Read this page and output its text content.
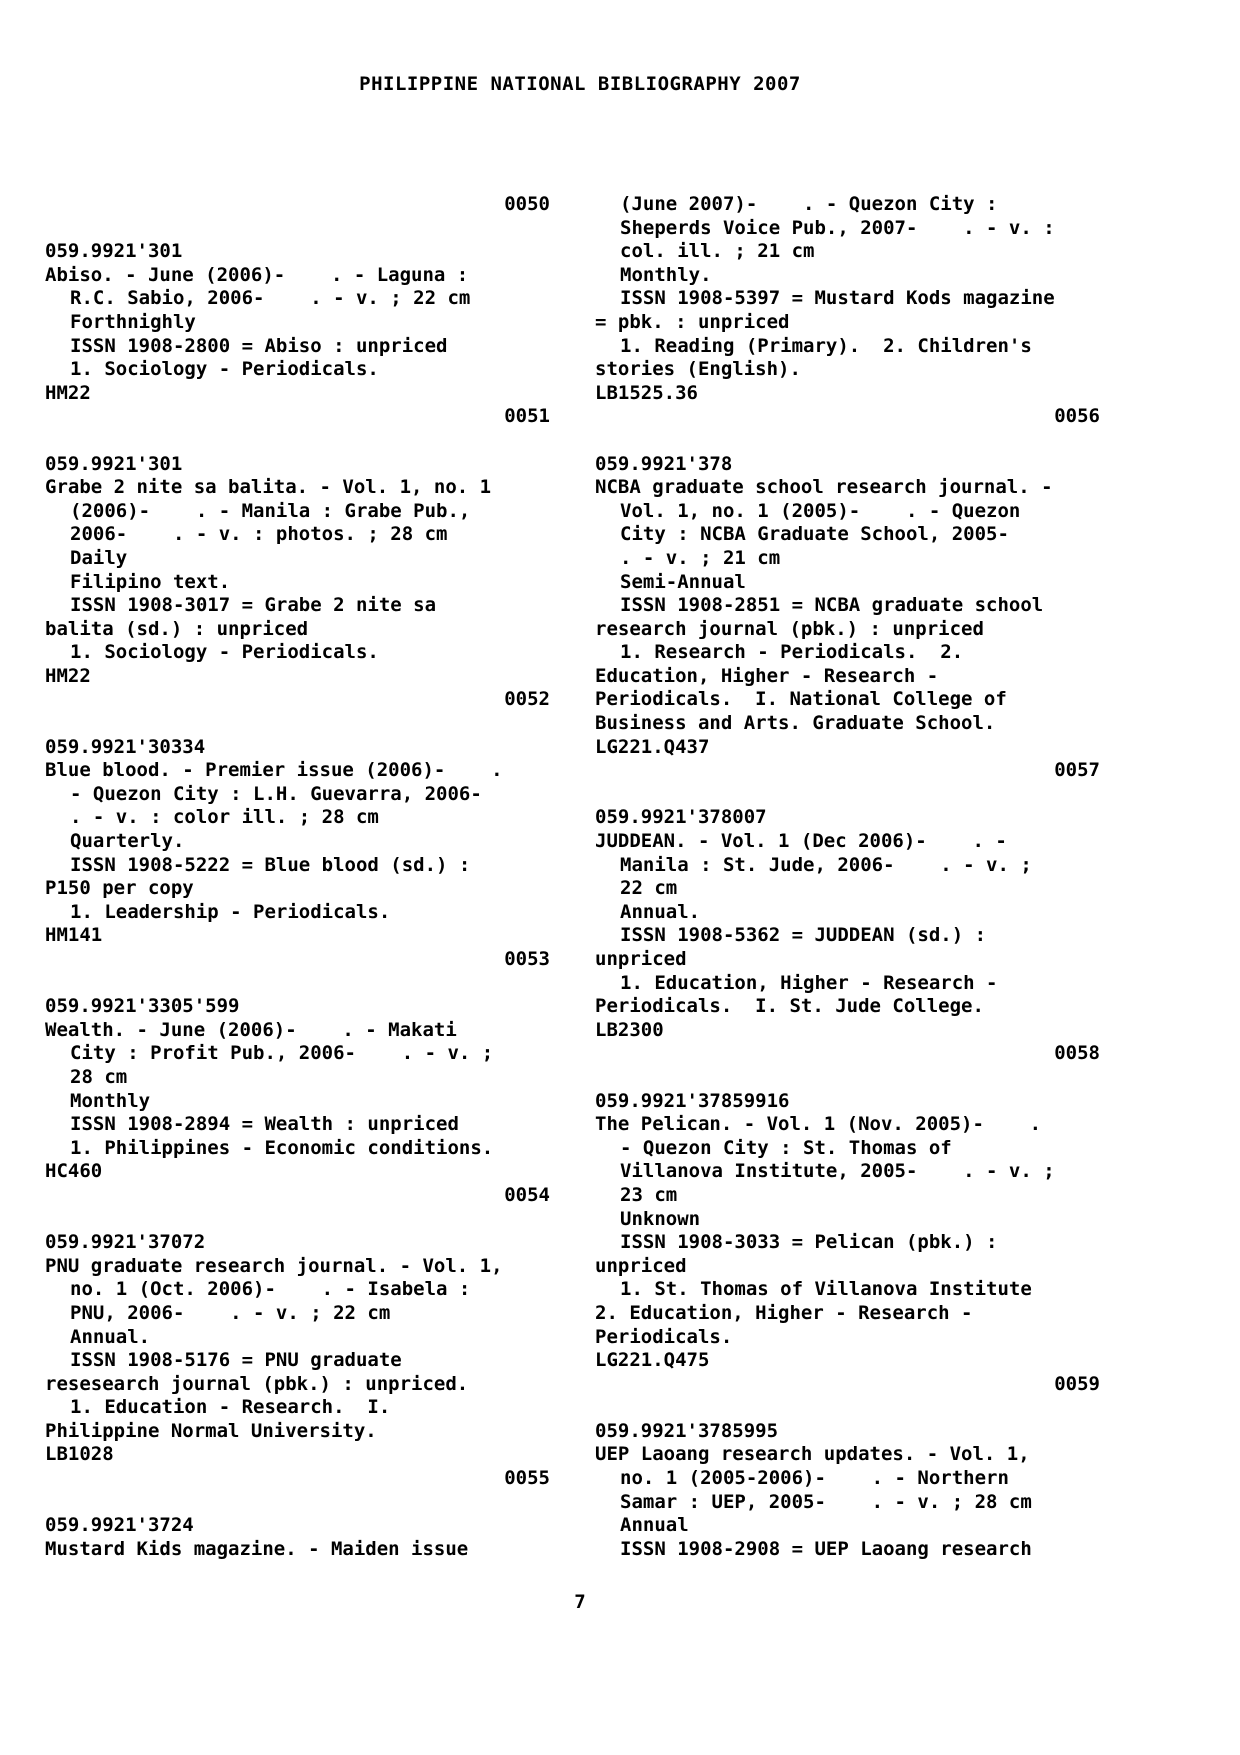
PHILIPPINE NATIONAL BIBLIOGRAPHY 2007
0050
059.9921'301
Abiso. - June (2006)-    . - Laguna :
R.C. Sabio, 2006-    . - v. ; 22 cm
Forthnighly
ISSN 1908-2800 = Abiso : unpriced
1. Sociology - Periodicals.
HM22
0051
059.9921'301
Grabe 2 nite sa balita. - Vol. 1, no. 1
(2006)-    . - Manila : Grabe Pub.,
2006-    . - v. : photos. ; 28 cm
Daily
Filipino text.
ISSN 1908-3017 = Grabe 2 nite sa
balita (sd.) : unpriced
1. Sociology - Periodicals.
HM22
0052
059.9921'30334
Blue blood. - Premier issue (2006)-    .
- Quezon City : L.H. Guevarra, 2006-
. - v. : color ill. ; 28 cm
Quarterly.
ISSN 1908-5222 = Blue blood (sd.) :
P150 per copy
1. Leadership - Periodicals.
HM141
0053
059.9921'3305'599
Wealth. - June (2006)-    . - Makati
City : Profit Pub., 2006-    . - v. ;
28 cm
Monthly
ISSN 1908-2894 = Wealth : unpriced
1. Philippines - Economic conditions.
HC460
0054
059.9921'37072
PNU graduate research journal. - Vol. 1,
no. 1 (Oct. 2006)-    . - Isabela :
PNU, 2006-    . - v. ; 22 cm
Annual.
ISSN 1908-5176 = PNU graduate
resesearch journal (pbk.) : unpriced.
1. Education - Research.  I.
Philippine Normal University.
LB1028
0055
059.9921'3724
Mustard Kids magazine. - Maiden issue
(June 2007)-    . - Quezon City :
Sheperds Voice Pub., 2007-    . - v. :
col. ill. ; 21 cm
Monthly.
ISSN 1908-5397 = Mustard Kods magazine
= pbk. : unpriced
1. Reading (Primary).  2. Children's
stories (English).
LB1525.36
0056
059.9921'378
NCBA graduate school research journal. -
Vol. 1, no. 1 (2005)-    . - Quezon
City : NCBA Graduate School, 2005-
. - v. ; 21 cm
Semi-Annual
ISSN 1908-2851 = NCBA graduate school
research journal (pbk.) : unpriced
1. Research - Periodicals.  2.
Education, Higher - Research -
Periodicals.  I. National College of
Business and Arts. Graduate School.
LG221.Q437
0057
059.9921'378007
JUDDEAN. - Vol. 1 (Dec 2006)-    . -
Manila : St. Jude, 2006-    . - v. ;
22 cm
Annual.
ISSN 1908-5362 = JUDDEAN (sd.) :
unpriced
1. Education, Higher - Research -
Periodicals.  I. St. Jude College.
LB2300
0058
059.9921'37859916
The Pelican. - Vol. 1 (Nov. 2005)-    .
- Quezon City : St. Thomas of
Villanova Institute, 2005-    . - v. ;
23 cm
Unknown
ISSN 1908-3033 = Pelican (pbk.) :
unpriced
1. St. Thomas of Villanova Institute
2. Education, Higher - Research -
Periodicals.
LG221.Q475
0059
059.9921'3785995
UEP Laoang research updates. - Vol. 1,
no. 1 (2005-2006)-    . - Northern
Samar : UEP, 2005-    . - v. ; 28 cm
Annual
ISSN 1908-2908 = UEP Laoang research
7
